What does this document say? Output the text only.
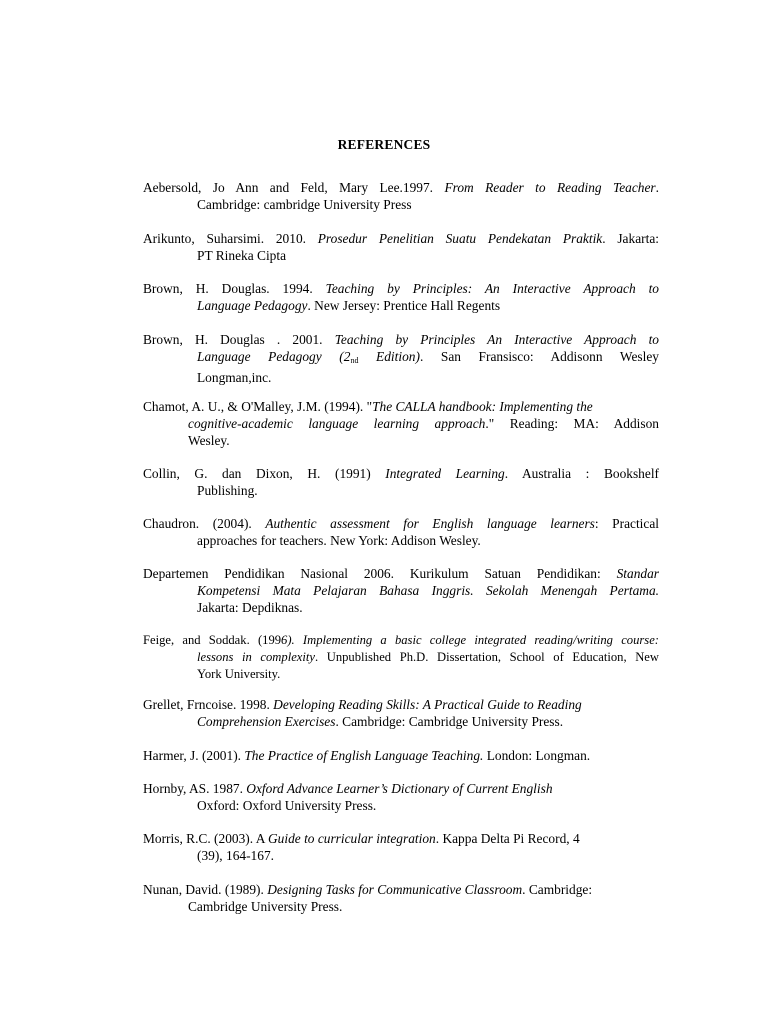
REFERENCES
Aebersold, Jo Ann and Feld, Mary Lee.1997. From Reader to Reading Teacher.
Cambridge: cambridge University Press
Arikunto, Suharsimi. 2010. Prosedur Penelitian Suatu Pendekatan Praktik. Jakarta:
PT Rineka Cipta
Brown, H. Douglas. 1994. Teaching by Principles: An Interactive Approach to
Language Pedagogy. New Jersey: Prentice Hall Regents
Brown, H. Douglas . 2001. Teaching by Principles An Interactive Approach to
Language Pedagogy ($2_{nd}$ Edition). San Fransisco: Addisonn Wesley
Longman,inc.
Chamot, A. U., & O'Malley, J.M. (1994). "The CALLA handbook: Implementing the
cognitive-academic language learning approach." Reading: MA: Addison
Wesley.
Collin, G. dan Dixon, H. (1991) Integrated Learning. Australia : Bookshelf
Publishing.
Chaudron. (2004). Authentic assessment for English language learners: Practical
approaches for teachers. New York: Addison Wesley.
Departemen Pendidikan Nasional 2006. Kurikulum Satuan Pendidikan: Standar
Kompetensi Mata Pelajaran Bahasa Inggris. Sekolah Menengah Pertama.
Jakarta: Depdiknas.
Feige, and Soddak. (1996). Implementing a basic college integrated reading/writing course:
lessons in complexity. Unpublished Ph.D. Dissertation, School of Education, New
York University.
Grellet, Frncoise. 1998. Developing Reading Skills: A Practical Guide to Reading
Comprehension Exercises. Cambridge: Cambridge University Press.
Harmer, J. (2001). The Practice of English Language Teaching. London: Longman.
Hornby, AS. 1987. Oxford Advance Learner’s Dictionary of Current English
Oxford: Oxford University Press.
Morris, R.C. (2003). A Guide to curricular integration. Kappa Delta Pi Record, 4
(39), 164-167.
Nunan, David. (1989). Designing Tasks for Communicative Classroom. Cambridge:
Cambridge University Press.
